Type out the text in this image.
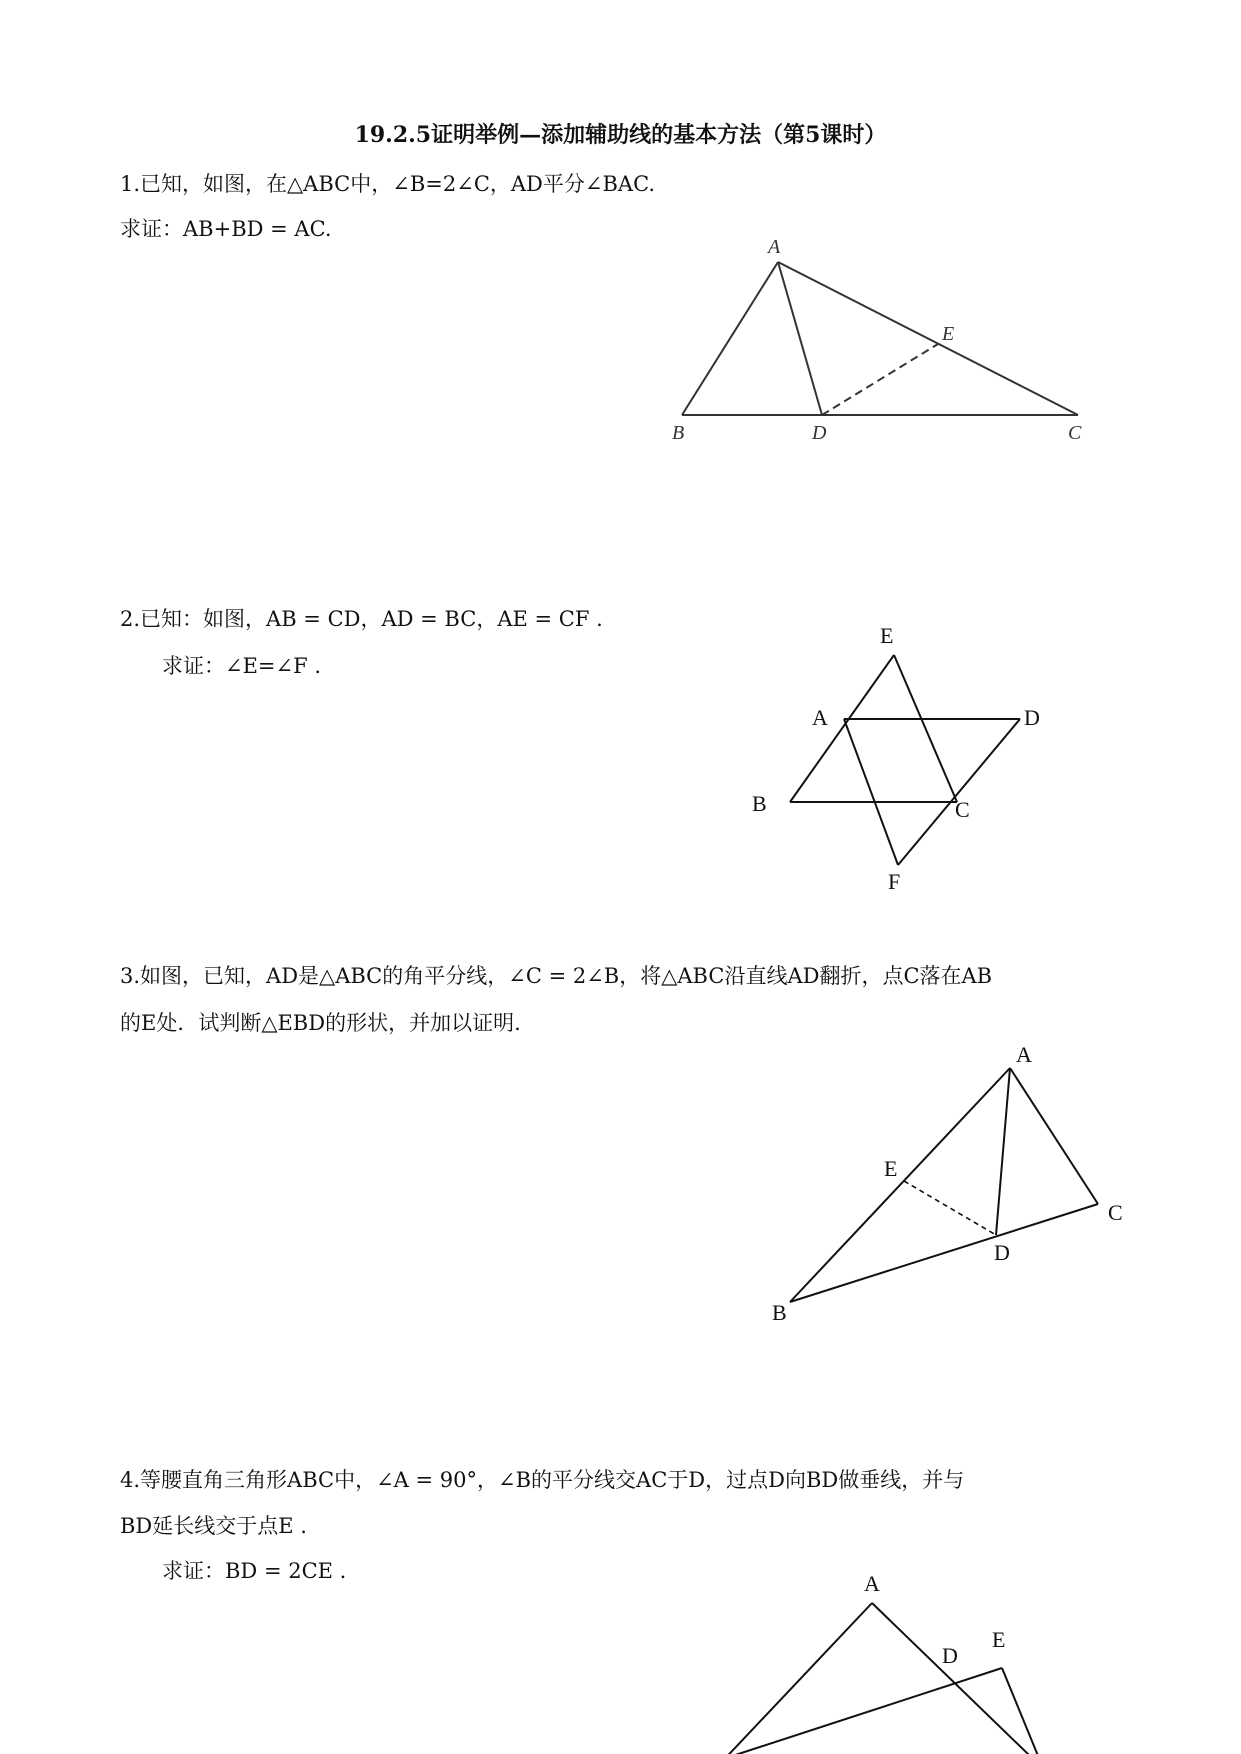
19.2.5证明举例—添加辅助线的基本方法（第5课时）
1.已知，如图，在△ABC中，∠B=2∠C，AD平分∠BAC.
求证：AB+BD = AC.
A
E
B	D	C
2.已知：如图，AB = CD，AD = BC，AE = CF .
求证：∠E=∠F .
E
A	D
B	C
F
3.如图，已知，AD是△ABC的角平分线，∠C = 2∠B，将△ABC沿直线AD翻折，点C落在AB
的E处．试判断△EBD的形状，并加以证明.
A
E
C
D
B
4.等腰直角三角形ABC中，∠A = 90°，∠B的平分线交AC于D，过点D向BD做垂线，并与
BD延长线交于点E .
求证：BD = 2CE .	A
E
D
